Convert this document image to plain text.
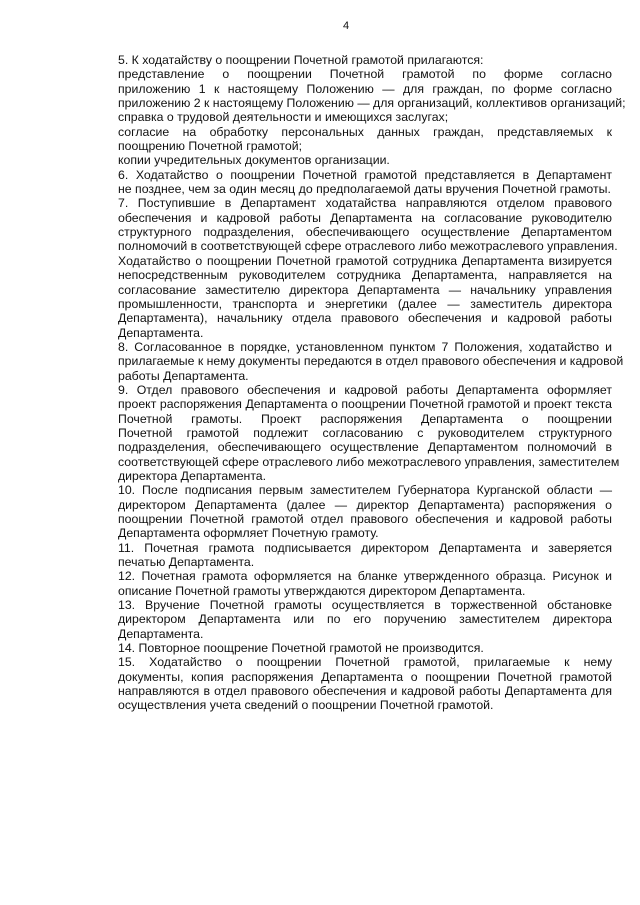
4

5. К ходатайству о поощрении Почетной грамотой прилагаются:

представление о поощрении Почетной грамотой по форме согласно
приложению 1 к настоящему Положению — для граждан, по форме согласно
приложению 2 к настоящему Положению — для организаций, коллективов организаций;

справка о трудовой деятельности и имеющихся заслугах;

согласие на обработку персональных данных граждан, представляемых к
поощрению Почетной грамотой;

копии учредительных документов организации.

6. Ходатайство о поощрении Почетной грамотой представляется в Департамент
не позднее, чем за один месяц до предполагаемой даты вручения Почетной грамоты.

7. Поступившие в Департамент ходатайства направляются отделом правового
обеспечения и кадровой работы Департамента на согласование руководителю
структурного подразделения, обеспечивающего осуществление Департаментом
полномочий в соответствующей сфере отраслевого либо межотраслевого управления.
Ходатайство о поощрении Почетной грамотой сотрудника Департамента визируется
непосредственным руководителем сотрудника Департамента, направляется на
согласование заместителю директора Департамента — начальнику управления
промышленности, транспорта и энергетики (далее — заместитель директора
Департамента), начальнику отдела правового обеспечения и кадровой работы
Департамента.

8. Согласованное в порядке, установленном пунктом 7 Положения, ходатайство и
прилагаемые к нему документы передаются в отдел правового обеспечения и кадровой
работы Департамента.

9. Отдел правового обеспечения и кадровой работы Департамента оформляет
проект распоряжения Департамента о поощрении Почетной грамотой и проект текста
Почетной грамоты. Проект распоряжения Департамента о поощрении
Почетной грамотой подлежит согласованию с руководителем структурного
подразделения, обеспечивающего осуществление Департаментом полномочий в
соответствующей сфере отраслевого либо межотраслевого управления, заместителем
директора Департамента.

10. После подписания первым заместителем Губернатора Курганской области —
директором Департамента (далее — директор Департамента) распоряжения о
поощрении Почетной грамотой отдел правового обеспечения и кадровой работы
Департамента оформляет Почетную грамоту.

11. Почетная грамота подписывается директором Департамента и заверяется
печатью Департамента.

12. Почетная грамота оформляется на бланке утвержденного образца. Рисунок и
описание Почетной грамоты утверждаются директором Департамента.

13. Вручение Почетной грамоты осуществляется в торжественной обстановке
директором Департамента или по его поручению заместителем директора
Департамента.

14. Повторное поощрение Почетной грамотой не производится.

15. Ходатайство о поощрении Почетной грамотой, прилагаемые к нему
документы, копия распоряжения Департамента о поощрении Почетной грамотой
направляются в отдел правового обеспечения и кадровой работы Департамента для
осуществления учета сведений о поощрении Почетной грамотой.
